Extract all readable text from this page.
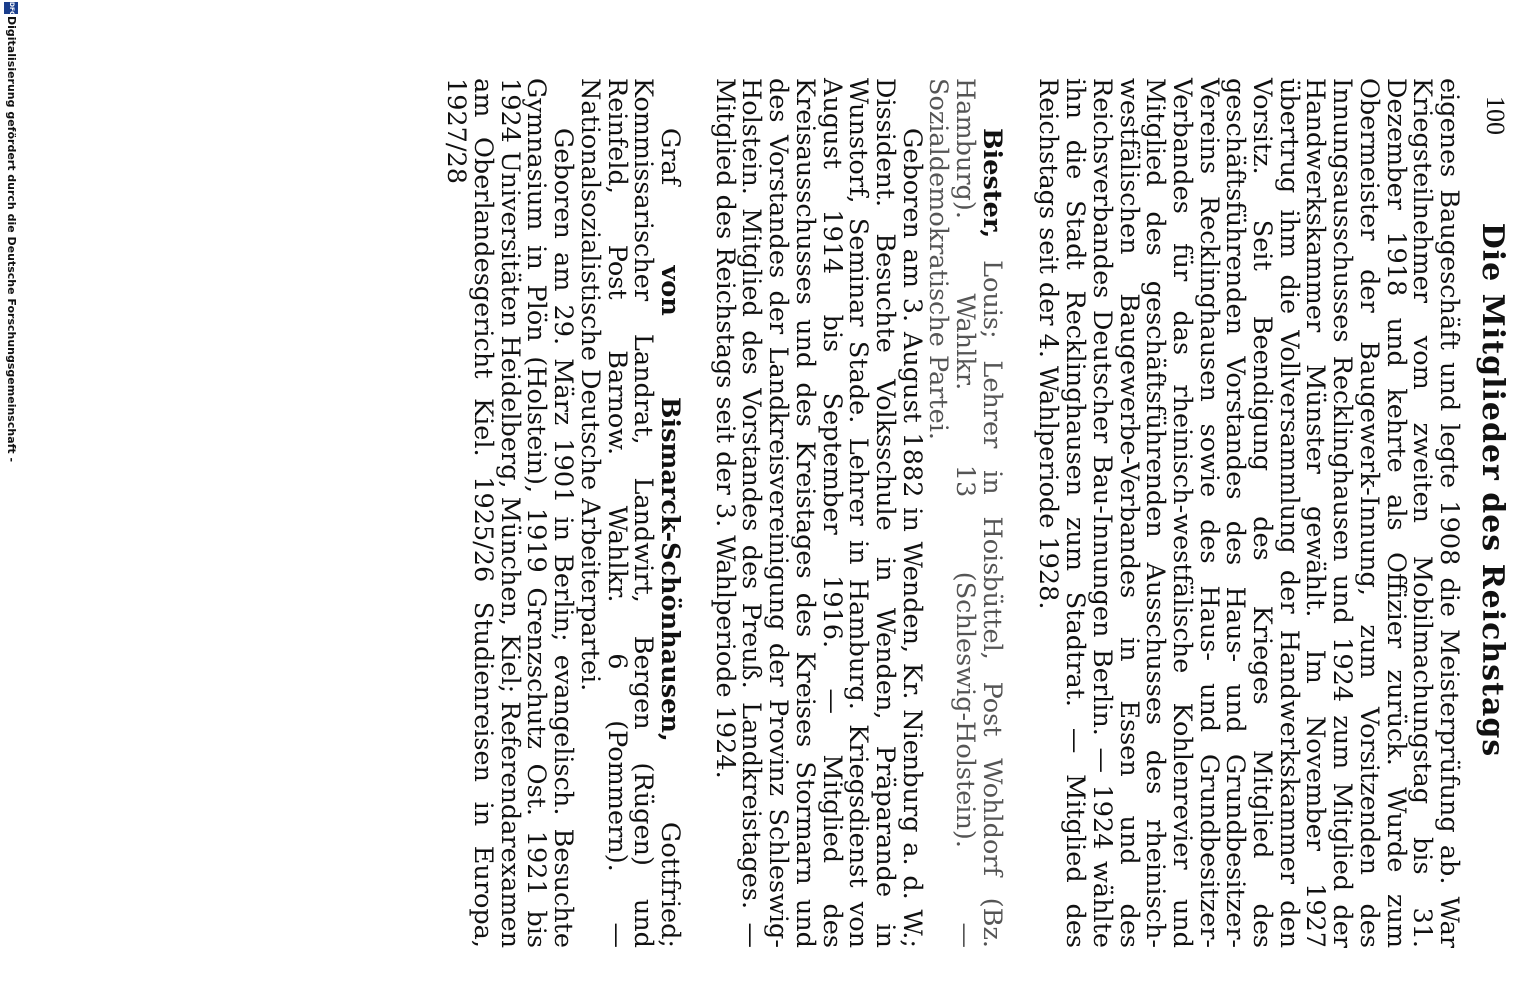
100
Die Mitglieder des Reichstags

eigenes Baugeschäft und legte 1908 die Meisterprüfung ab. War Kriegsteilnehmer vom zweiten Mobilmachungstag bis 31. Dezember 1918 und kehrte als Offizier zurück. Wurde zum Obermeister der Baugewerk-Innung, zum Vorsitzenden des Innungsausschusses Recklinghausen und 1924 zum Mitglied der Handwerkskammer Münster gewählt. Im November 1927 übertrug ihm die Vollversammlung der Handwerkskammer den Vorsitz. Seit Beendigung des Krieges Mitglied des geschäftsführenden Vorstandes des Haus- und Grundbesitzer-Vereins Recklinghausen sowie des Haus- und Grundbesitzer-Verbandes für das rheinisch-westfälische Kohlenrevier und Mitglied des geschäftsführenden Ausschusses des rheinisch-westfälischen Baugewerbe-Verbandes in Essen und des Reichsverbandes Deutscher Bau-Innungen Berlin. — 1924 wählte ihn die Stadt Recklinghausen zum Stadtrat. — Mitglied des Reichstags seit der 4. Wahlperiode 1928.

Biester, Louis; Lehrer in Hoisbüttel, Post Wohldorf (Bz. Hamburg). Wahlkr. 13 (Schleswig-Holstein). — Sozialdemokratische Partei.

Geboren am 3. August 1882 in Wenden, Kr. Nienburg a. d. W.; Dissident. Besuchte Volksschule in Wenden, Präparande in Wunstorf, Seminar Stade. Lehrer in Hamburg. Kriegsdienst von August 1914 bis September 1916. — Mitglied des Kreisausschusses und des Kreistages des Kreises Stormarn und des Vorstandes der Landkreisvereinigung der Provinz Schleswig-Holstein. Mitglied des Vorstandes des Preuß. Landkreistages. — Mitglied des Reichstags seit der 3. Wahlperiode 1924.

Graf von Bismarck-Schönhausen, Gottfried; Kommissarischer Landrat, Landwirt, Bergen (Rügen) und Reinfeld, Post Barnow. Wahlkr. 6 (Pommern). — Nationalsozialistische Deutsche Arbeiterpartei.

Geboren am 29. März 1901 in Berlin; evangelisch. Besuchte Gymnasium in Plön (Holstein), 1919 Grenzschutz Ost. 1921 bis 1924 Universitäten Heidelberg, München, Kiel; Referendarexamen am Oberlandesgericht Kiel. 1925/26 Studienreisen in Europa, 1927/28

DFG
Digitalisierung gefördert durch die Deutsche Forschungsgemeinschaft -
